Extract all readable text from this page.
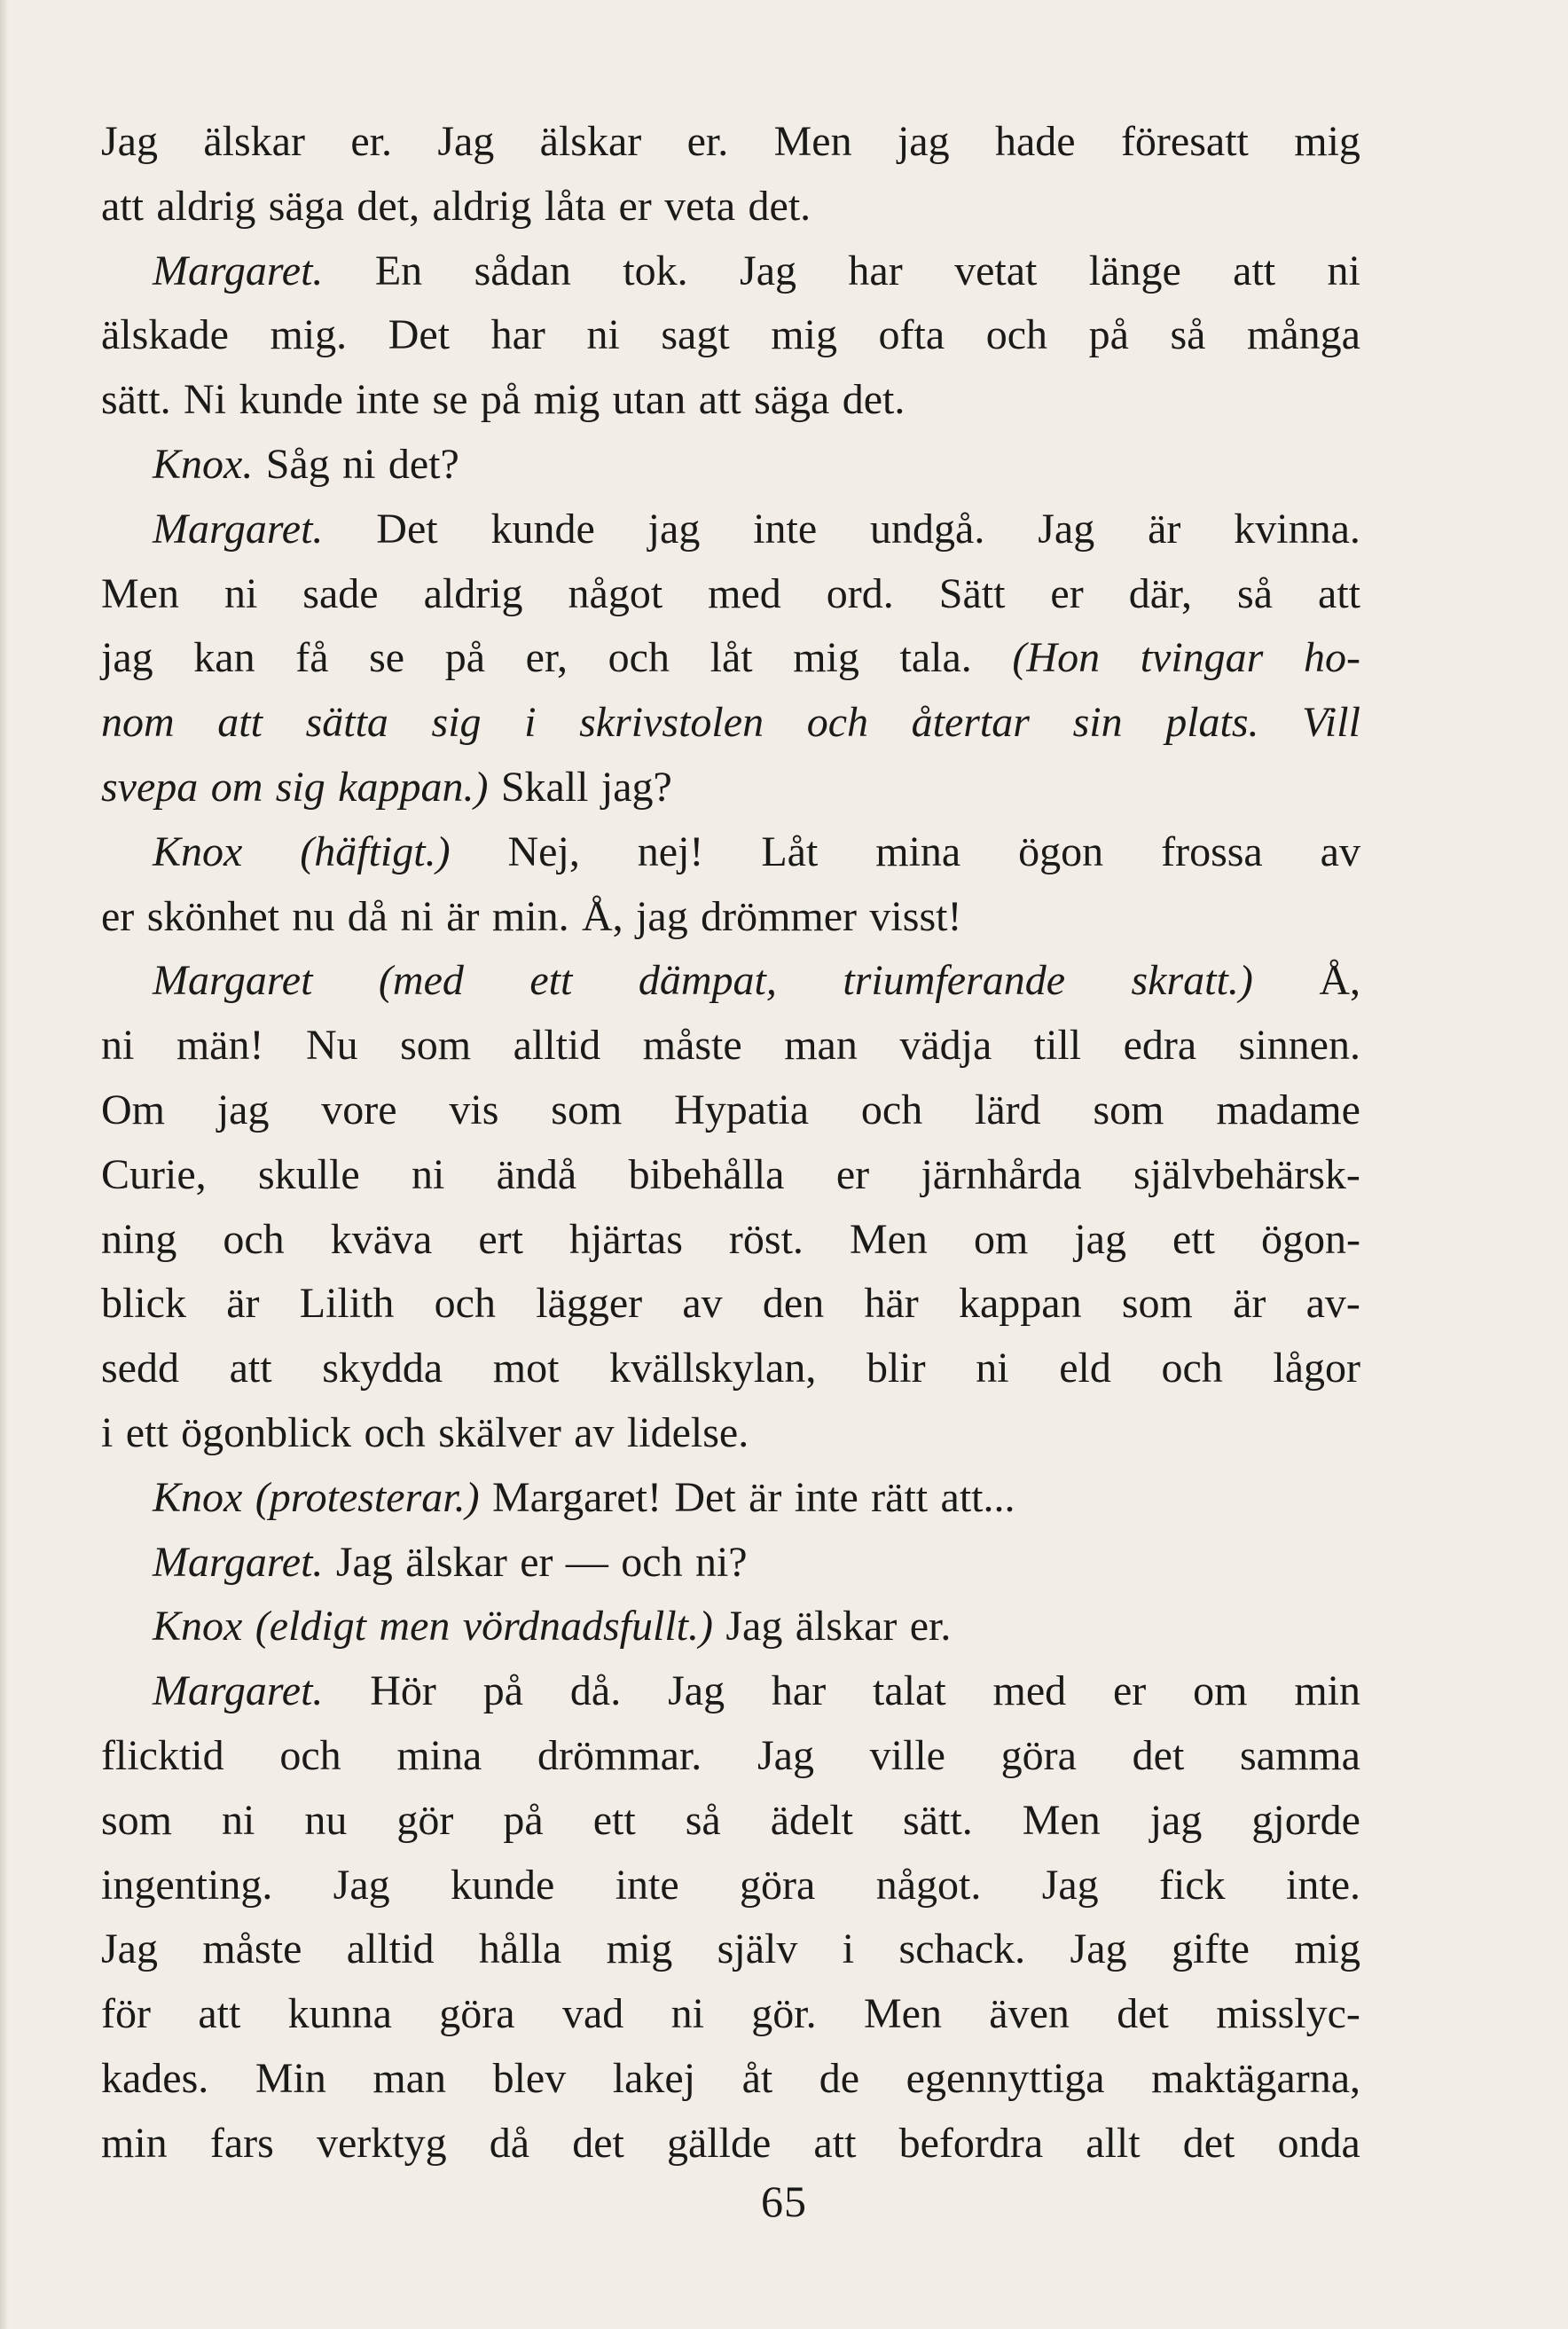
Jag älskar er. Jag älskar er. Men jag hade föresatt mig
att aldrig säga det, aldrig låta er veta det.
Margaret. En sådan tok. Jag har vetat länge att ni
älskade mig. Det har ni sagt mig ofta och på så många
sätt. Ni kunde inte se på mig utan att säga det.
Knox. Såg ni det?
Margaret. Det kunde jag inte undgå. Jag är kvinna.
Men ni sade aldrig något med ord. Sätt er där, så att
jag kan få se på er, och låt mig tala. (Hon tvingar ho-
nom att sätta sig i skrivstolen och återtar sin plats. Vill
svepa om sig kappan.) Skall jag?
Knox (häftigt.) Nej, nej! Låt mina ögon frossa av
er skönhet nu då ni är min. Å, jag drömmer visst!
Margaret (med ett dämpat, triumferande skratt.) Å,
ni män! Nu som alltid måste man vädja till edra sinnen.
Om jag vore vis som Hypatia och lärd som madame
Curie, skulle ni ändå bibehålla er järnhårda självbehärsk-
ning och kväva ert hjärtas röst. Men om jag ett ögon-
blick är Lilith och lägger av den här kappan som är av-
sedd att skydda mot kvällskylan, blir ni eld och lågor
i ett ögonblick och skälver av lidelse.
Knox (protesterar.) Margaret! Det är inte rätt att...
Margaret. Jag älskar er — och ni?
Knox (eldigt men vördnadsfullt.) Jag älskar er.
Margaret. Hör på då. Jag har talat med er om min
flicktid och mina drömmar. Jag ville göra det samma
som ni nu gör på ett så ädelt sätt. Men jag gjorde
ingenting. Jag kunde inte göra något. Jag fick inte.
Jag måste alltid hålla mig själv i schack. Jag gifte mig
för att kunna göra vad ni gör. Men även det misslyc-
kades. Min man blev lakej åt de egennyttiga maktägarna,
min fars verktyg då det gällde att befordra allt det onda
65
